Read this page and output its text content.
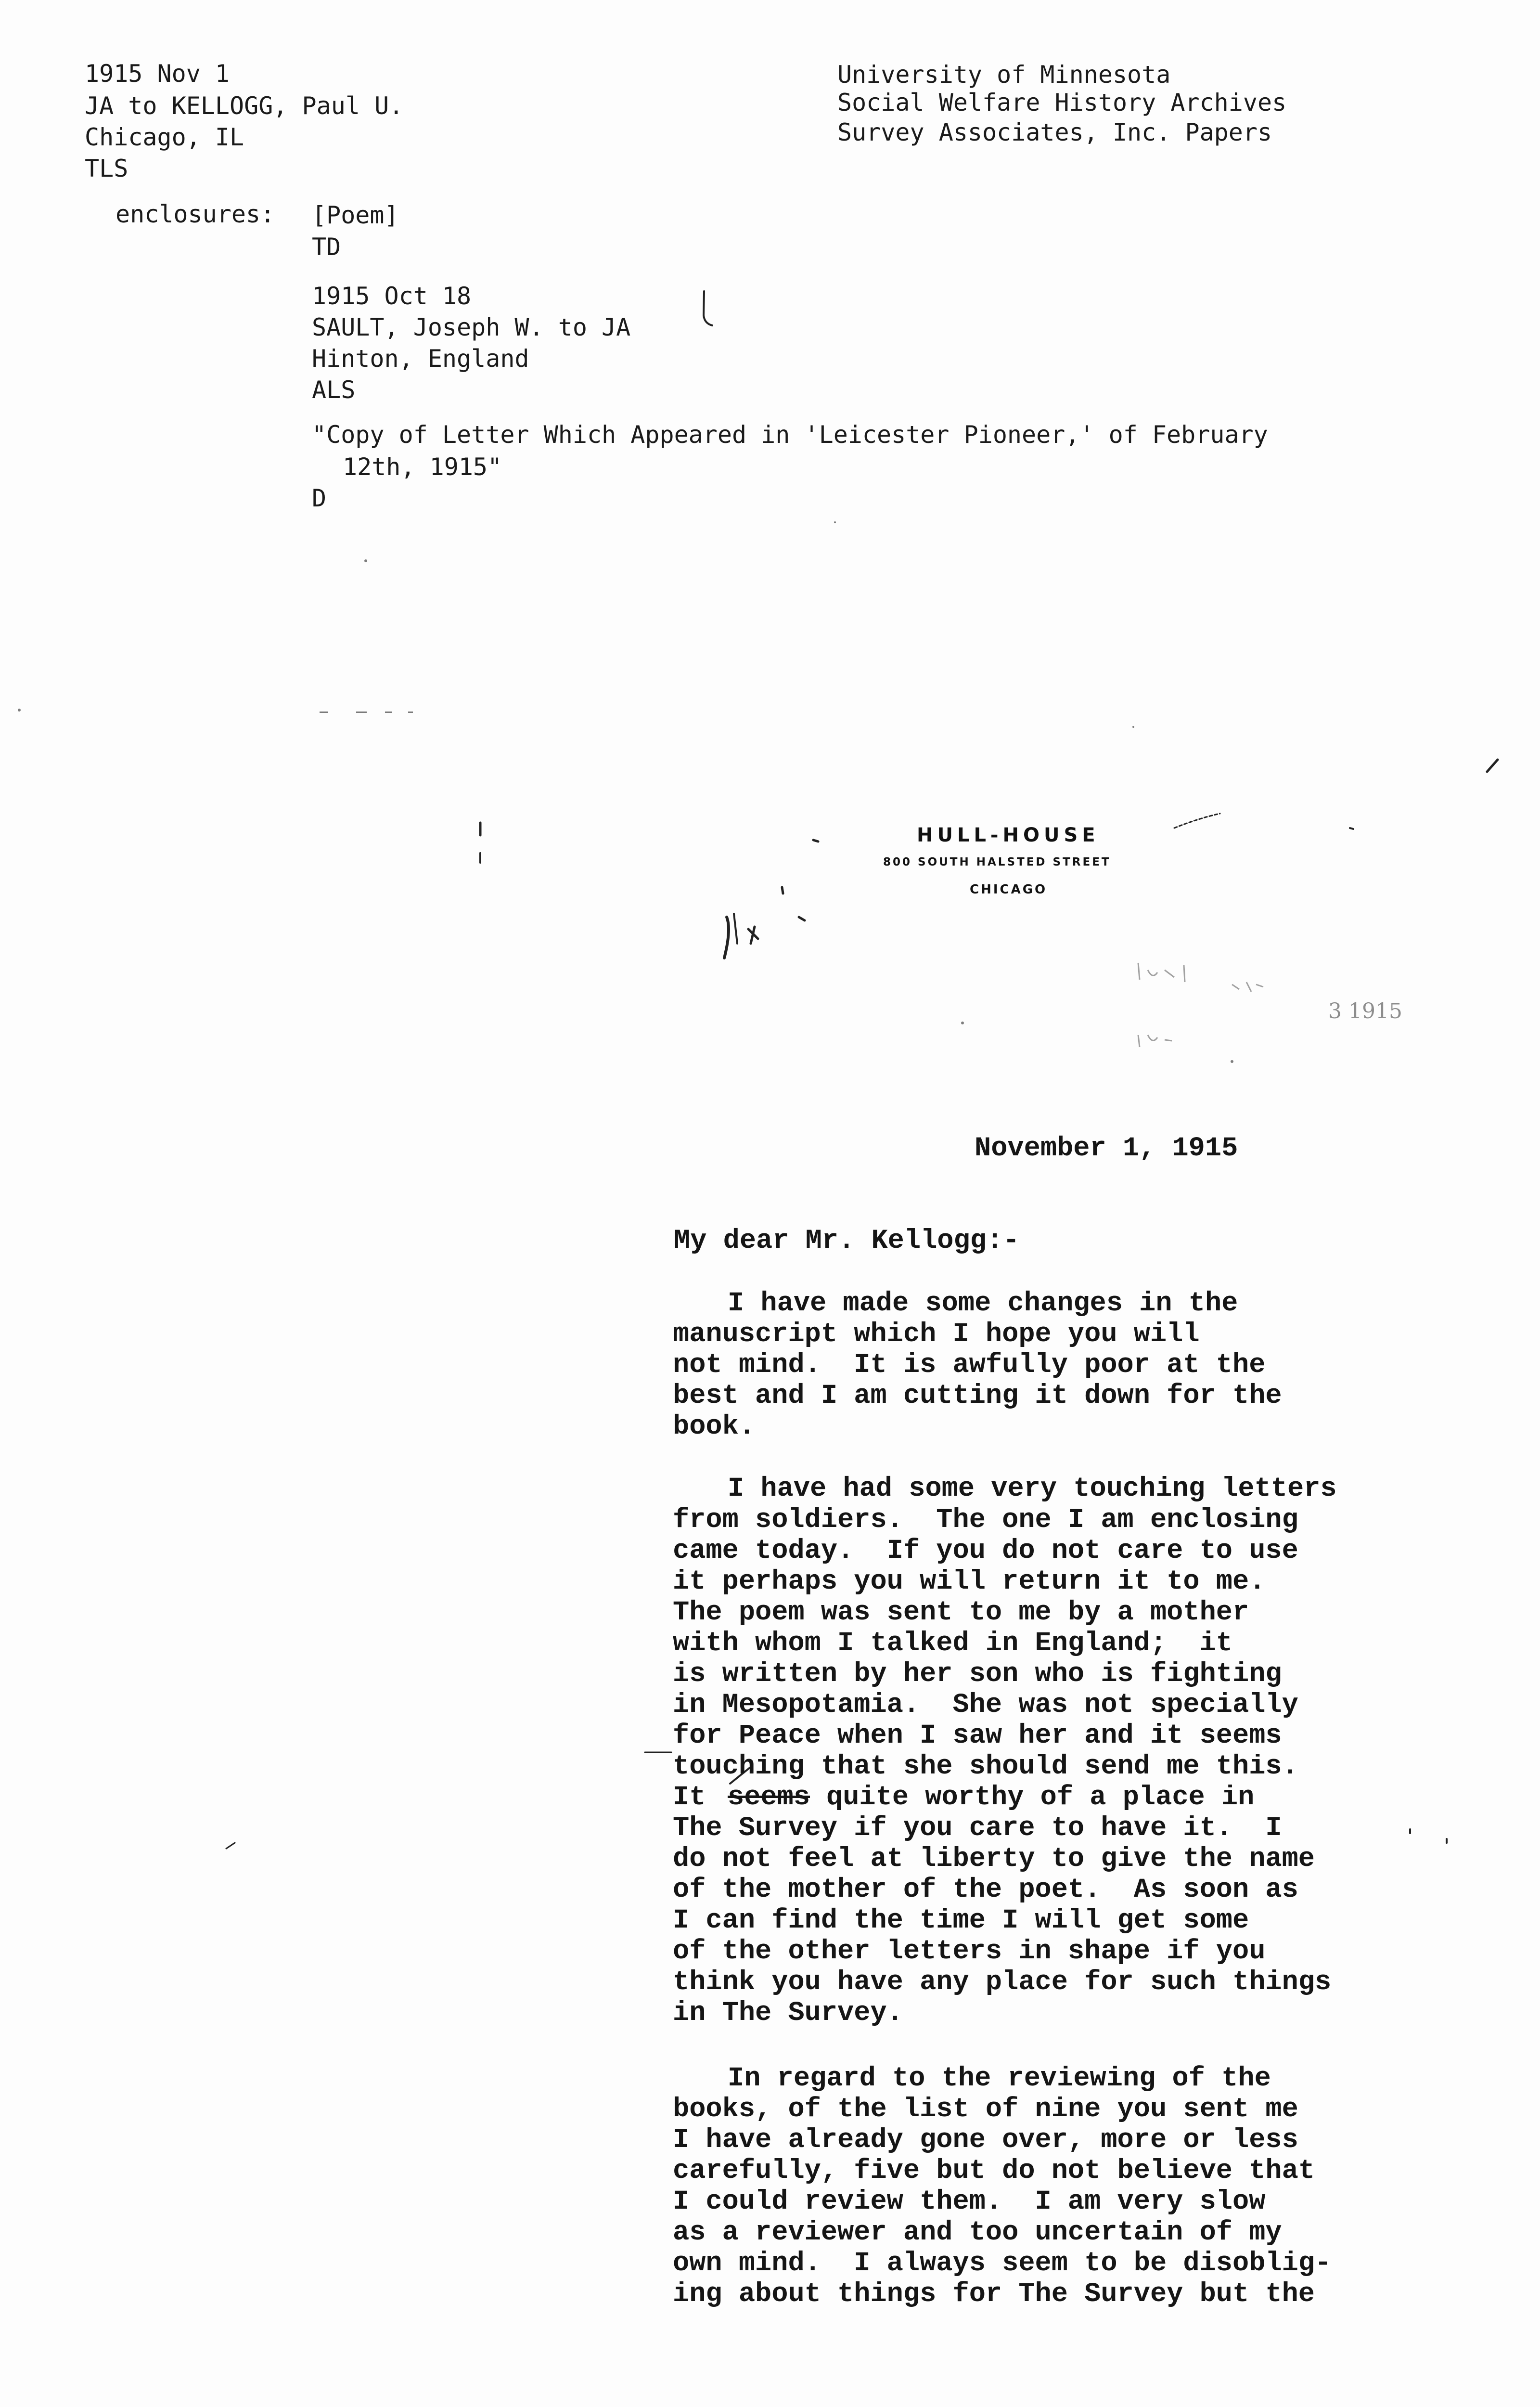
1915 Nov 1
JA to KELLOGG, Paul U.
Chicago, IL
TLS
University of Minnesota
Social Welfare History Archives
Survey Associates, Inc. Papers
enclosures: [Poem]
TD
1915 Oct 18
SAULT, Joseph W. to JA
Hinton, England
ALS
"Copy of Letter Which Appeared in 'Leicester Pioneer,' of February
12th, 1915"
D
HULL-HOUSE
800 SOUTH HALSTED STREET
CHICAGO
3 1915
November 1, 1915
My dear Mr. Kellogg:-
I have made some changes in the
manuscript which I hope you will
not mind.  It is awfully poor at the
best and I am cutting it down for the
book.
I have had some very touching letters
from soldiers.  The one I am enclosing
came today.  If you do not care to use
it perhaps you will return it to me.
The poem was sent to me by a mother
with whom I talked in England;  it
is written by her son who is fighting
in Mesopotamia.  She was not specially
for Peace when I saw her and it seems
touching that she should send me this.
It seems quite worthy of a place in
The Survey if you care to have it.  I
do not feel at liberty to give the name
of the mother of the poet.  As soon as
I can find the time I will get some
of the other letters in shape if you
think you have any place for such things
in The Survey.
In regard to the reviewing of the
books, of the list of nine you sent me
I have already gone over, more or less
carefully, five but do not believe that
I could review them.  I am very slow
as a reviewer and too uncertain of my
own mind.  I always seem to be disoblig-
ing about things for The Survey but the
